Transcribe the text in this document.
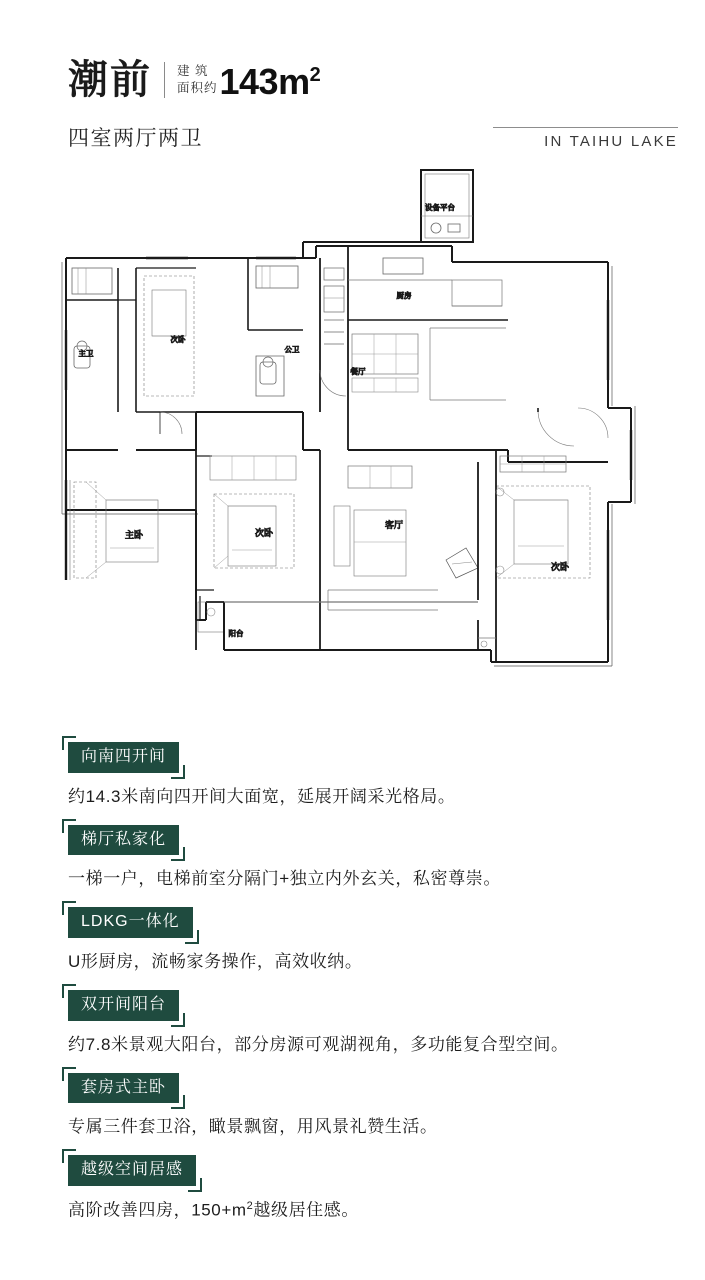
潮前 建 筑
面积约 $143m^2$
IN TAIHU LAKE
四室两厅两卫
设备平台
主卫
次卧
公卫
厨房
餐厅
主卧	次卧
客厅
次卧
阳台
向南四开间
约14.3米南向四开间大面宽，延展开阔采光格局。
梯厅私家化
一梯一户，电梯前室分隔门+独立内外玄关，私密尊崇。
LDKG一体化
U形厨房，流畅家务操作，高效收纳。
双开间阳台
约7.8米景观大阳台，部分房源可观湖视角，多功能复合型空间。
套房式主卧
专属三件套卫浴，瞰景飘窗，用风景礼赞生活。
越级空间居感
高阶改善四房，$150+m^2$越级居住感。
